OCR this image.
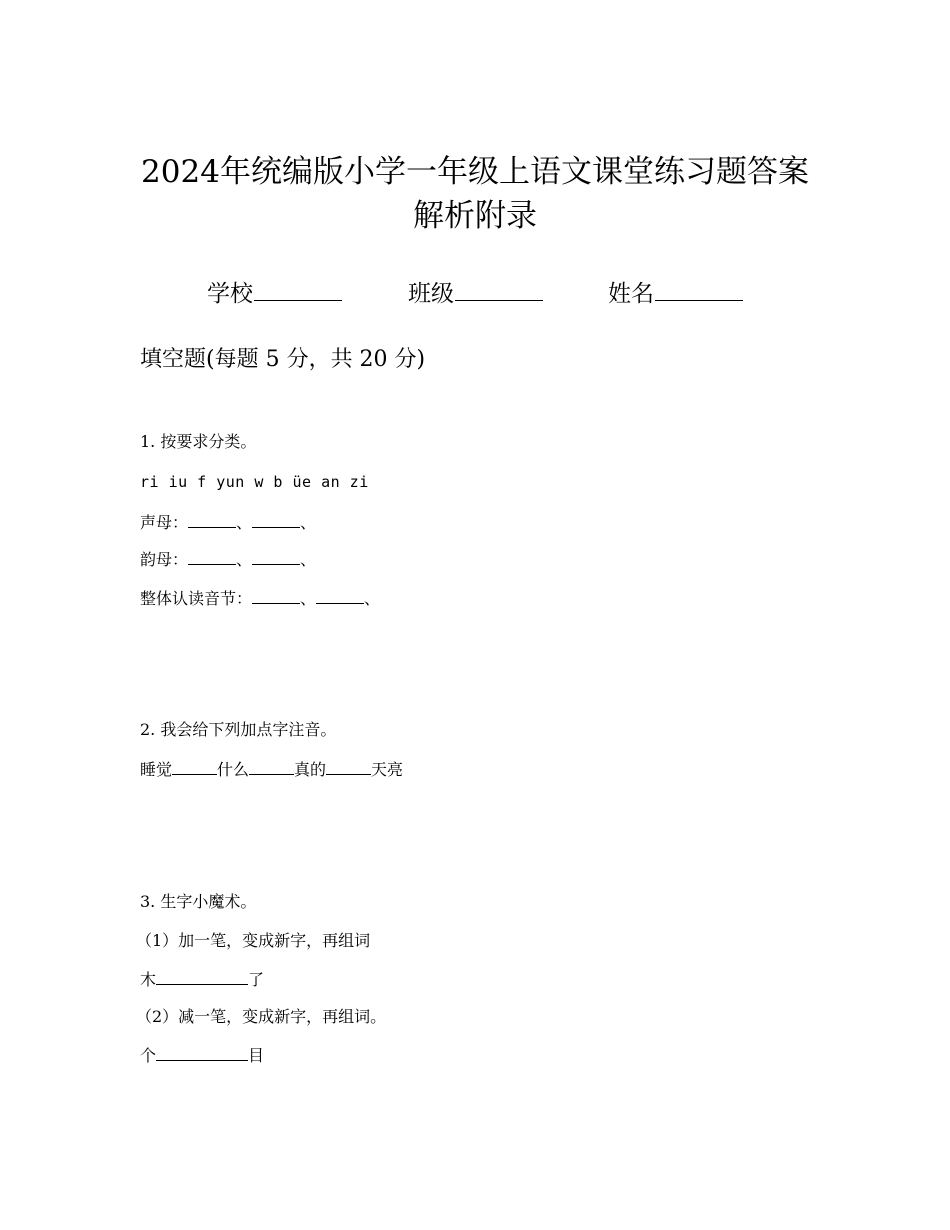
2024年统编版小学一年级上语文课堂练习题答案
解析附录
学校	班级	姓名
填空题(每题 5 分，共 20 分)
1. 按要求分类。
ri iu f yun w b üe an zi
声母：	、	、
韵母：	、	、
整体认读音节：	、	、
2. 我会给下列加点字注音。
睡觉	什么	真的	天亮
3. 生字小魔术。
（1）加一笔，变成新字，再组词
木	了
（2）减一笔，变成新字，再组词。
个	目
